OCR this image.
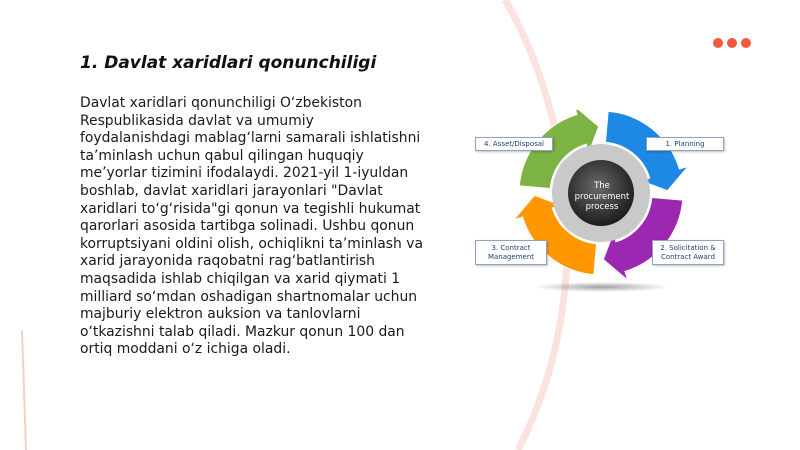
1. Davlat xaridlari qonunchiligi

Davlat xaridlari qonunchiligi O‘zbekiston Respublikasida davlat va umumiy foydalanishdagi mablag‘larni samarali ishlatishni ta’minlash uchun qabul qilingan huquqiy me’yorlar tizimini ifodalaydi. 2021-yil 1-iyuldan boshlab, davlat xaridlari jarayonlari "Davlat xaridlari to‘g‘risida"gi qonun va tegishli hukumat qarorlari asosida tartibga solinadi. Ushbu qonun korruptsiyani oldini olish, ochiqlikni ta’minlash va xarid jarayonida raqobatni rag‘batlantirish maqsadida ishlab chiqilgan va xarid qiymati 1 milliard so‘mdan oshadigan shartnomalar uchun majburiy elektron auksion va tanlovlarni o‘tkazishni talab qiladi. Mazkur qonun 100 dan ortiq moddani o‘z ichiga oladi.

The
procurement
process
1. Planning
2. Solicitation &
Contract Award
3. Contract
Management
4. Asset/Disposal
